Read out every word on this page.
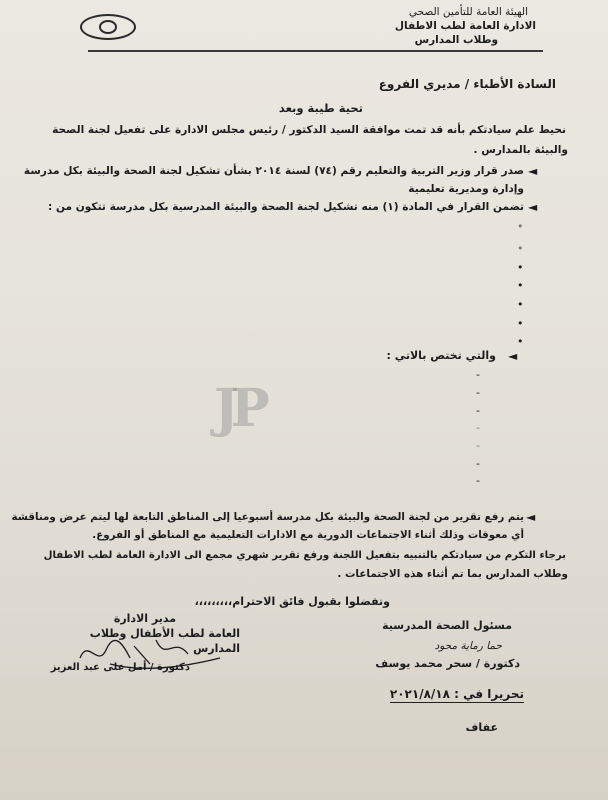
الهيئة العامة للتأمين الصحي
الادارة العامة لطب الاطفال
وطلاب المدارس
السادة الأطباء / مديري الفروع
تحية طيبة وبعد
نحيط علم سيادتكم بأنه قد تمت موافقة السيد الدكتور / رئيس مجلس الادارة على تفعيل لجنة الصحة
والبيئة بالمدارس .
◄
صدر قرار وزير التربية والتعليم رقم (٧٤) لسنة ٢٠١٤ بشأن تشكيل لجنة الصحة والبيئة بكل مدرسة
وإدارة ومديرية تعليمية
◄
تضمن القرار في المادة (١) منه تشكيل لجنة الصحة والبيئة المدرسية بكل مدرسة تتكون من :
•
•
•
•
•
•
•
◄
والتي تختص بالاتي :
-
-
-
-
-
-
-
JP
◄
يتم رفع تقرير من لجنة الصحة والبيئة بكل مدرسة أسبوعيا إلى المناطق التابعة لها ليتم عرض ومناقشة
أي معوقات وذلك أثناء الاجتماعات الدورية مع الادارات التعليمية مع المناطق أو الفروع.
برجاء التكرم من سيادتكم بالتنبيه بتفعيل اللجنة ورفع تقرير شهري مجمع الى الادارة العامة لطب الاطفال
وطلاب المدارس بما تم أثناء هذه الاجتماعات .
وتفضلوا بقبول فائق الاحترام،،،،،،،،،
مدير الادارة
العامة لطب الأطفال وطلاب المدارس
دكتورة / أمل على عبد العزيز
مسئول الصحة المدرسية
حما رماية محود
دكتورة / سحر محمد يوسف
تحريرا في : ٢٠٢١/٨/١٨
عفاف
